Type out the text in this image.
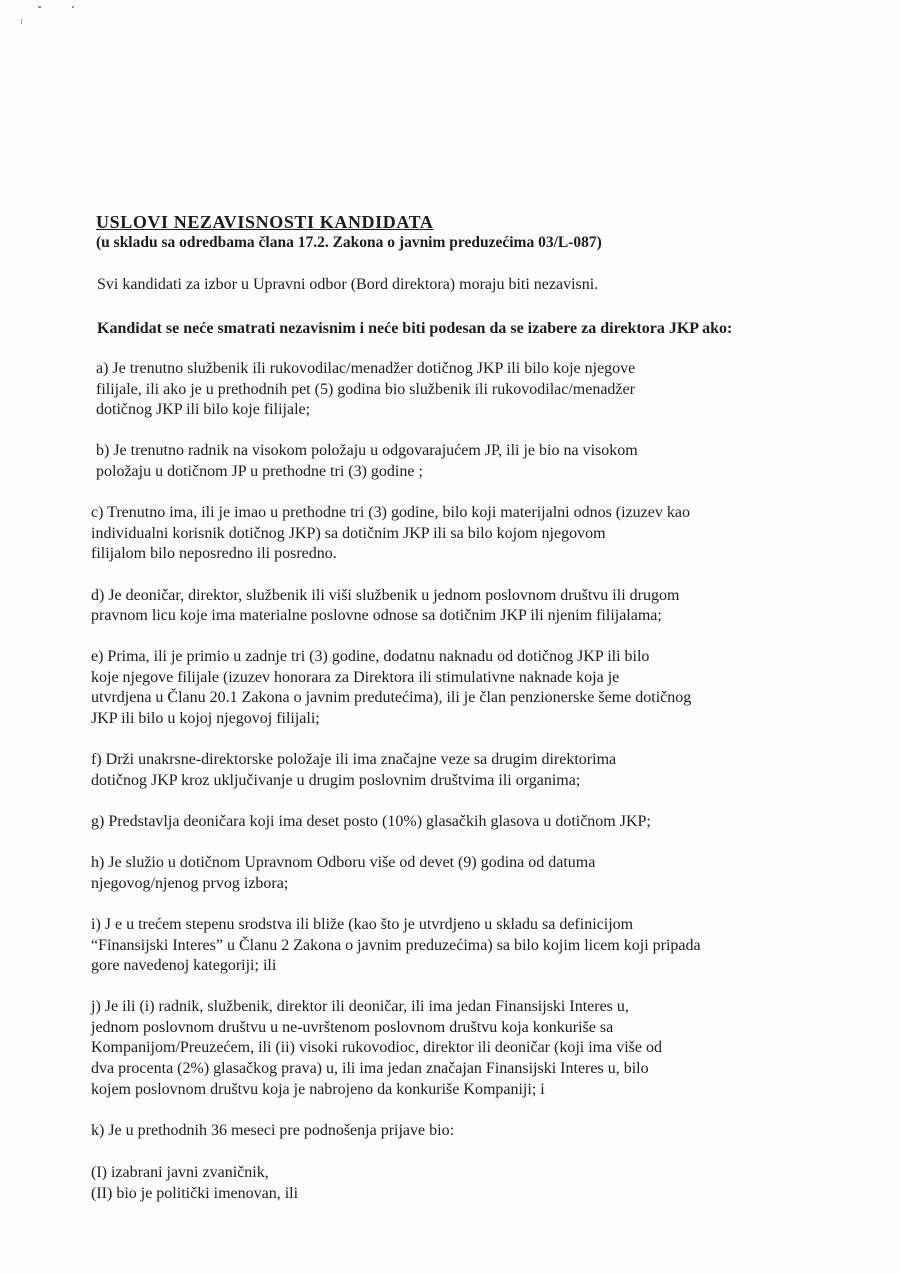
USLOVI NEZAVISNOSTI KANDIDATA
(u skladu sa odredbama člana 17.2. Zakona o javnim preduzećima 03/L-087)
Svi kandidati za izbor u Upravni odbor (Bord direktora) moraju biti nezavisni.
Kandidat se neće smatrati nezavisnim i neće biti podesan da se izabere za direktora JKP ako:
a) Je trenutno službenik ili rukovodilac/menadžer dotičnog JKP ili bilo koje njegove
filijale, ili ako je u prethodnih pet (5) godina bio službenik ili rukovodilac/menadžer
dotičnog JKP ili bilo koje filijale;
b) Je trenutno radnik na visokom položaju u odgovarajućem JP, ili je bio na visokom
položaju u dotičnom JP u prethodne tri (3) godine ;
c) Trenutno ima, ili je imao u prethodne tri (3) godine, bilo koji materijalni odnos (izuzev kao
individualni korisnik dotičnog JKP) sa dotičnim JKP ili sa bilo kojom njegovom
filijalom bilo neposredno ili posredno.
d) Je deoničar, direktor, službenik ili viši službenik u jednom poslovnom društvu ili drugom
pravnom licu koje ima materialne poslovne odnose sa dotičnim JKP ili njenim filijalama;
e) Prima, ili je primio u zadnje tri (3) godine, dodatnu naknadu od dotičnog JKP ili bilo
koje njegove filijale (izuzev honorara za Direktora ili stimulativne naknade koja je
utvrdjena u Članu 20.1 Zakona o javnim predutećima), ili je član penzionerske šeme dotičnog
JKP ili bilo u kojoj njegovoj filijali;
f) Drži unakrsne-direktorske položaje ili ima značajne veze sa drugim direktorima
dotičnog JKP kroz uključivanje u drugim poslovnim društvima ili organima;
g) Predstavlja deoničara koji ima deset posto (10%) glasačkih glasova u dotičnom JKP;
h) Je služio u dotičnom Upravnom Odboru više od devet (9) godina od datuma
njegovog/njenog prvog izbora;
i) J e u trećem stepenu srodstva ili bliže (kao što je utvrdjeno u skladu sa definicijom
“Finansijski Interes” u Članu 2 Zakona o javnim preduzećima) sa bilo kojim licem koji pripada
gore navedenoj kategoriji; ili
j) Je ili (i) radnik, službenik, direktor ili deoničar, ili ima jedan Finansijski Interes u,
jednom poslovnom društvu u ne-uvrštenom poslovnom društvu koja konkuriše sa
Kompanijom/Preuzećem, ili (ii) visoki rukovodioc, direktor ili deoničar (koji ima više od
dva procenta (2%) glasačkog prava) u, ili ima jedan značajan Finansijski Interes u, bilo
kojem poslovnom društvu koja je nabrojeno da konkuriše Kompaniji; i
k) Je u prethodnih 36 meseci pre podnošenja prijave bio:
(I) izabrani javni zvaničnik,
(II) bio je politički imenovan, ili
